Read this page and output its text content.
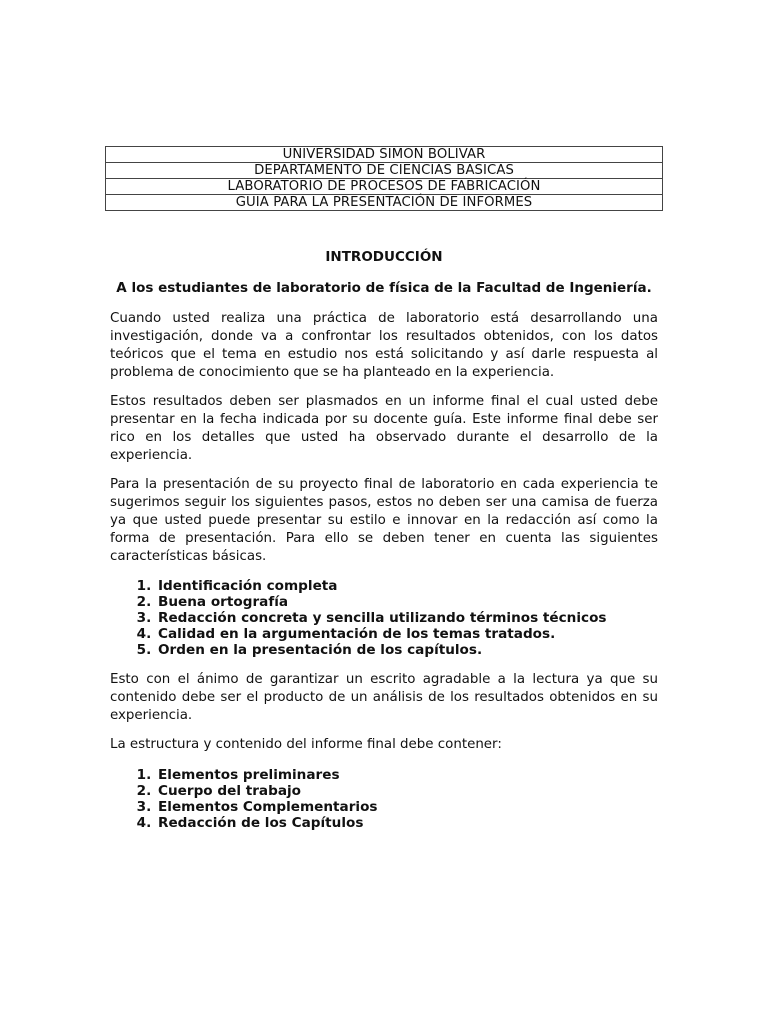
UNIVERSIDAD SIMON BOLIVAR
DEPARTAMENTO DE CIENCIAS BASICAS
LABORATORIO DE PROCESOS DE FABRICACIÓN
GUIA PARA LA PRESENTACIÓN DE INFORMES
INTRODUCCIÓN
A los estudiantes de laboratorio de física de la Facultad de Ingeniería.

Cuando usted realiza una práctica de laboratorio está desarrollando una investigación, donde va a confrontar los resultados obtenidos, con los datos teóricos que el tema en estudio nos está solicitando y así darle respuesta al problema de conocimiento que se ha planteado en la experiencia.

Estos resultados deben ser plasmados en un informe final el cual usted debe presentar en la fecha indicada por su docente guía. Este informe final debe ser rico en los detalles que usted ha observado durante el desarrollo de la experiencia.

Para la presentación de su proyecto final de laboratorio en cada experiencia te sugerimos seguir los siguientes pasos, estos no deben ser una camisa de fuerza ya que usted puede presentar su estilo e innovar en la redacción así como la forma de presentación. Para ello se deben tener en cuenta las siguientes características básicas.

1. Identificación completa
2. Buena ortografía
3. Redacción concreta y sencilla utilizando términos técnicos
4. Calidad en la argumentación de los temas tratados.
5. Orden en la presentación de los capítulos.

Esto con el ánimo de garantizar un escrito agradable a la lectura ya que su contenido debe ser el producto de un análisis de los resultados obtenidos en su experiencia.

La estructura y contenido del informe final debe contener:

1. Elementos preliminares
2. Cuerpo del trabajo
3. Elementos Complementarios
4. Redacción de los Capítulos
